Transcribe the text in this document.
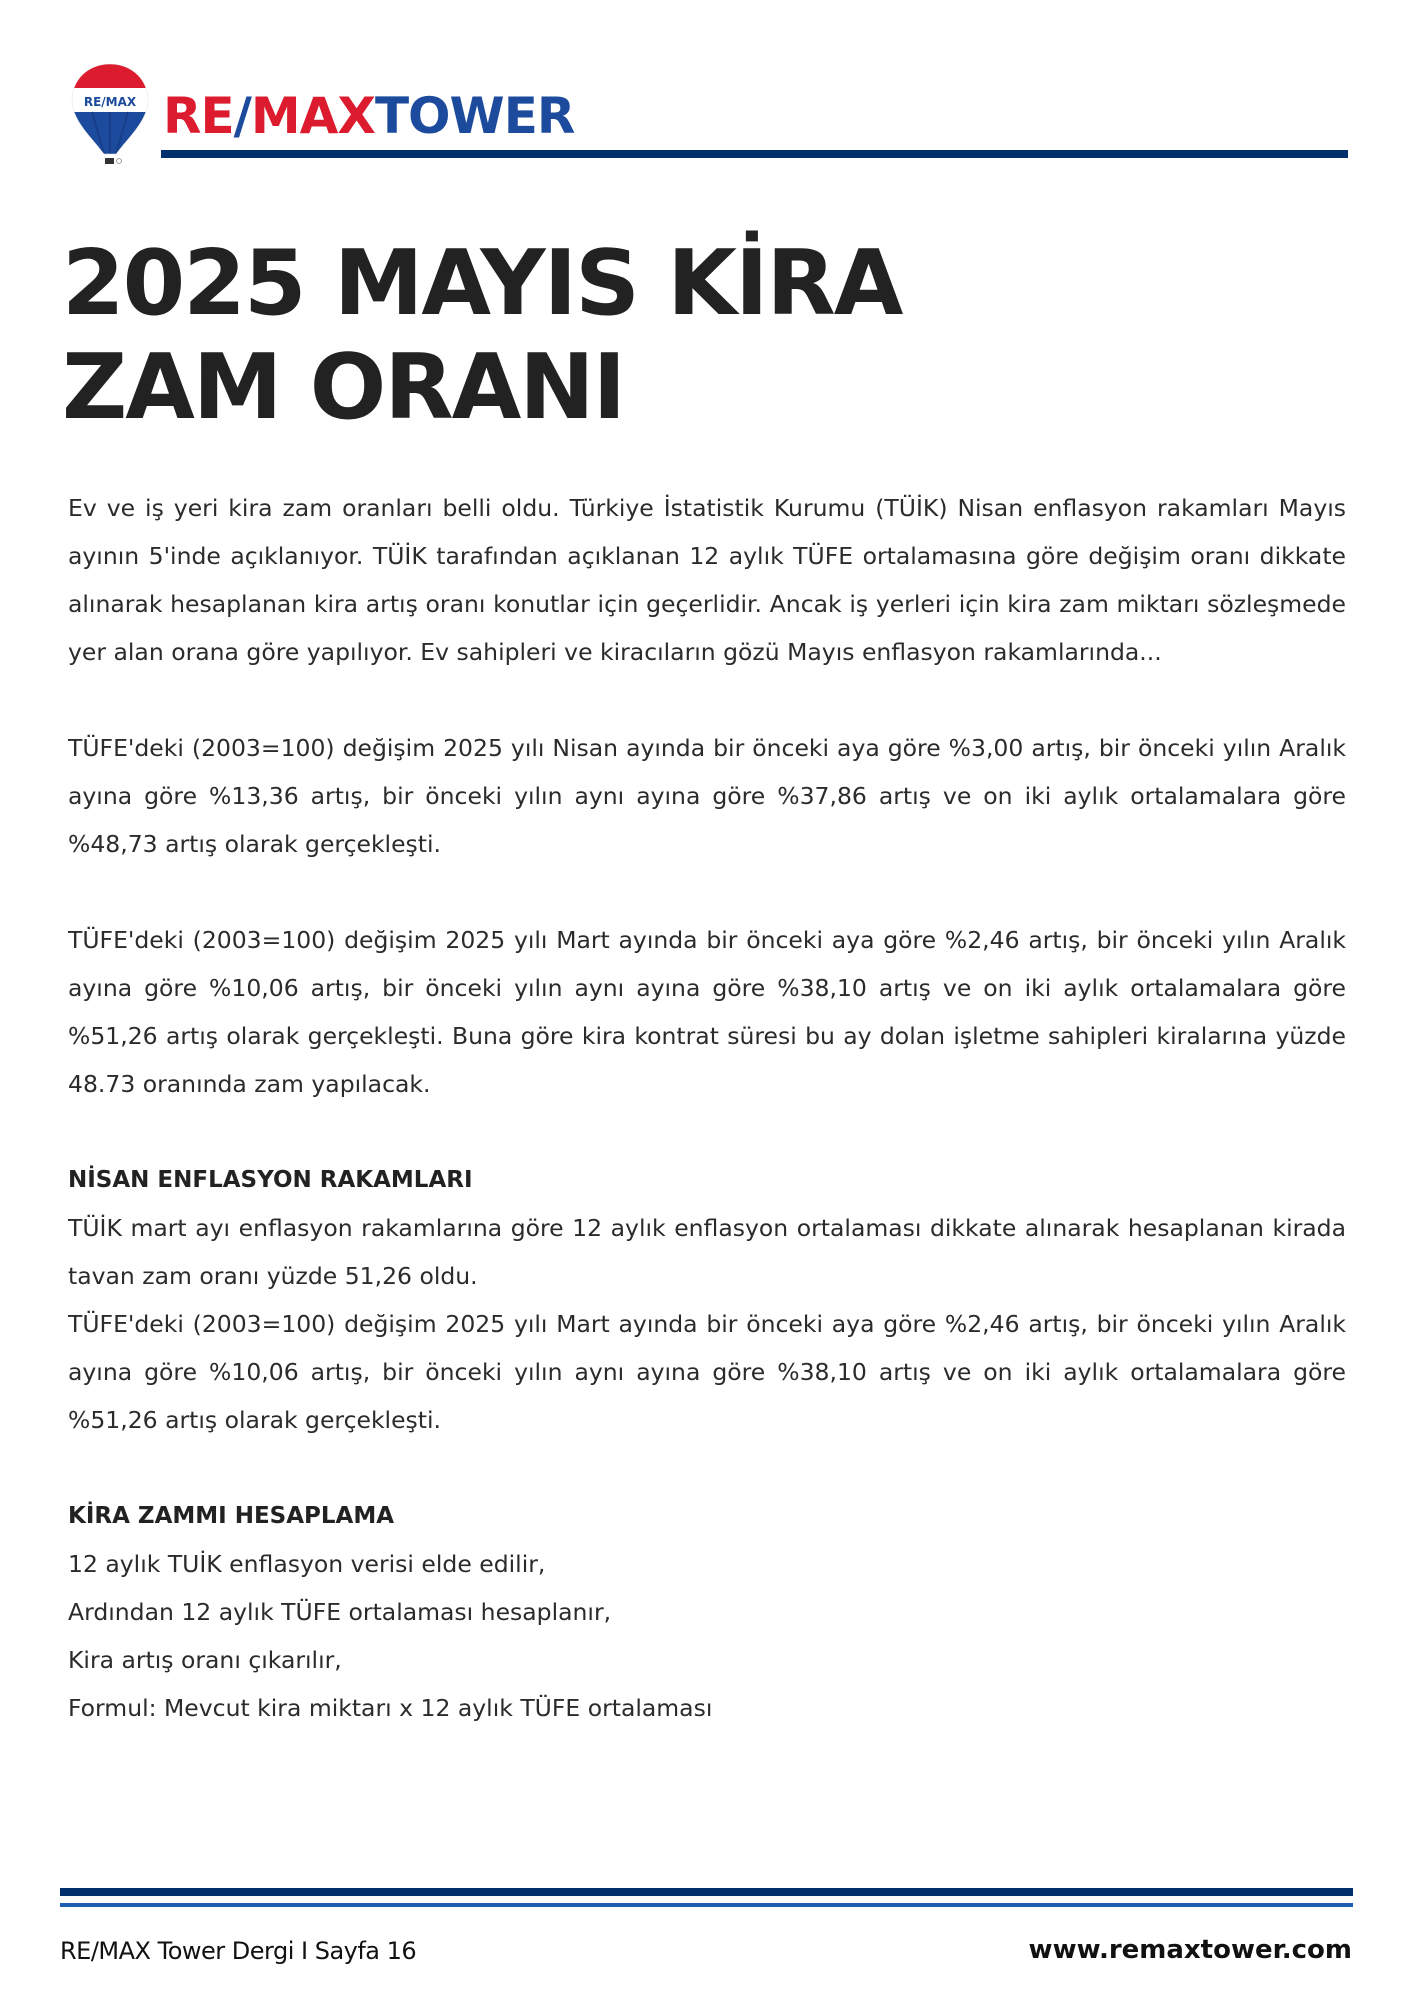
RE/MAX RE/MAXTOWER
2025 MAYIS KİRA
ZAM ORANI

Ev ve iş yeri kira zam oranları belli oldu. Türkiye İstatistik Kurumu (TÜİK) Nisan enflasyon rakamları Mayıs ayının 5'inde açıklanıyor. TÜİK tarafından açıklanan 12 aylık TÜFE ortalamasına göre değişim oranı dikkate alınarak hesaplanan kira artış oranı konutlar için geçerlidir. Ancak iş yerleri için kira zam miktarı sözleşmede yer alan orana göre yapılıyor. Ev sahipleri ve kiracıların gözü Mayıs enflasyon rakamlarında...

TÜFE'deki (2003=100) değişim 2025 yılı Nisan ayında bir önceki aya göre %3,00 artış, bir önceki yılın Aralık ayına göre %13,36 artış, bir önceki yılın aynı ayına göre %37,86 artış ve on iki aylık ortalamalara göre %48,73 artış olarak gerçekleşti.

TÜFE'deki (2003=100) değişim 2025 yılı Mart ayında bir önceki aya göre %2,46 artış, bir önceki yılın Aralık ayına göre %10,06 artış, bir önceki yılın aynı ayına göre %38,10 artış ve on iki aylık ortalamalara göre %51,26 artış olarak gerçekleşti. Buna göre kira kontrat süresi bu ay dolan işletme sahipleri kiralarına yüzde 48.73 oranında zam yapılacak.

NİSAN ENFLASYON RAKAMLARI

TÜİK mart ayı enflasyon rakamlarına göre 12 aylık enflasyon ortalaması dikkate alınarak hesaplanan kirada tavan zam oranı yüzde 51,26 oldu.

TÜFE'deki (2003=100) değişim 2025 yılı Mart ayında bir önceki aya göre %2,46 artış, bir önceki yılın Aralık ayına göre %10,06 artış, bir önceki yılın aynı ayına göre %38,10 artış ve on iki aylık ortalamalara göre %51,26 artış olarak gerçekleşti.

KİRA ZAMMI HESAPLAMA

12 aylık TUİK enflasyon verisi elde edilir,

Ardından 12 aylık TÜFE ortalaması hesaplanır,

Kira artış oranı çıkarılır,

Formul: Mevcut kira miktarı x 12 aylık TÜFE ortalaması

RE/MAX Tower Dergi I Sayfa 16	www.remaxtower.com
